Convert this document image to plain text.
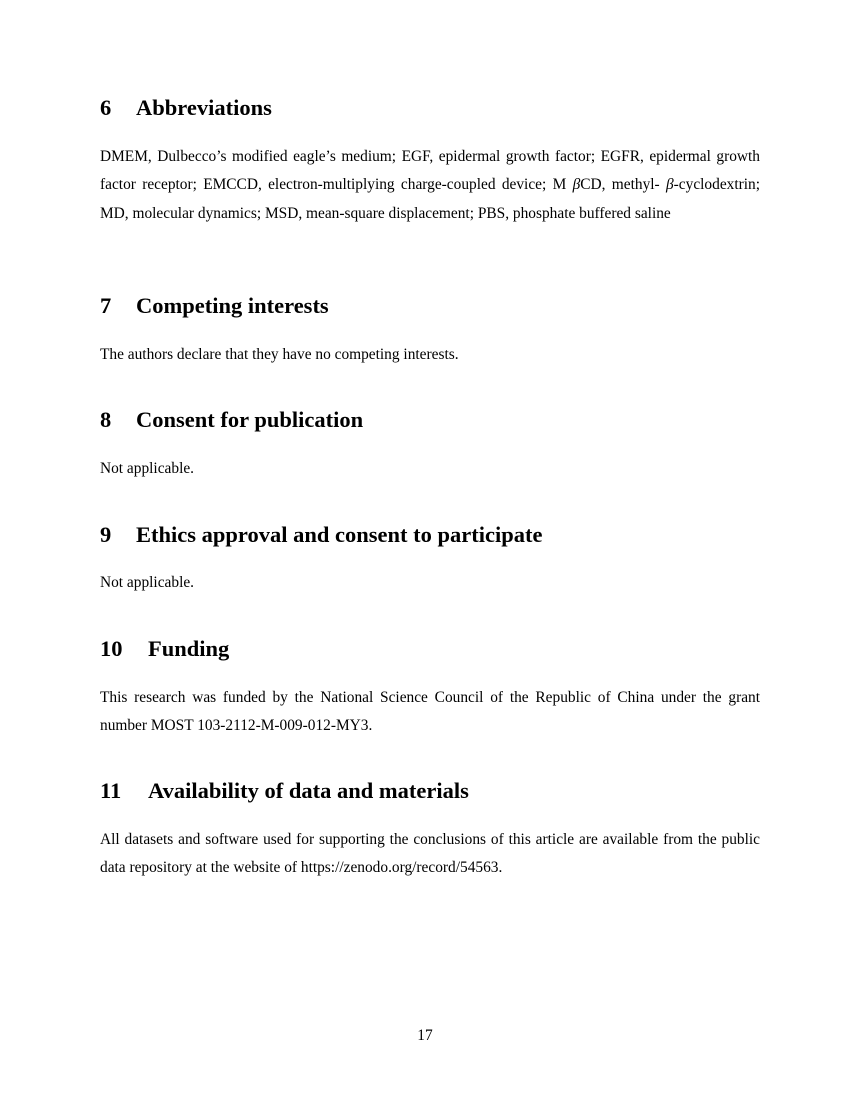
6 Abbreviations

DMEM, Dulbecco’s modified eagle’s medium; EGF, epidermal growth factor; EGFR, epidermal growth factor receptor; EMCCD, electron-multiplying charge-coupled device; M βCD, methyl- β-cyclodextrin; MD, molecular dynamics; MSD, mean-square displacement; PBS, phosphate buffered saline

7 Competing interests

The authors declare that they have no competing interests.

8 Consent for publication

Not applicable.

9 Ethics approval and consent to participate

Not applicable.

10 Funding

This research was funded by the National Science Council of the Republic of China under the grant number MOST 103-2112-M-009-012-MY3.

11 Availability of data and materials

All datasets and software used for supporting the conclusions of this article are available from the public data repository at the website of https://zenodo.org/record/54563.

17
